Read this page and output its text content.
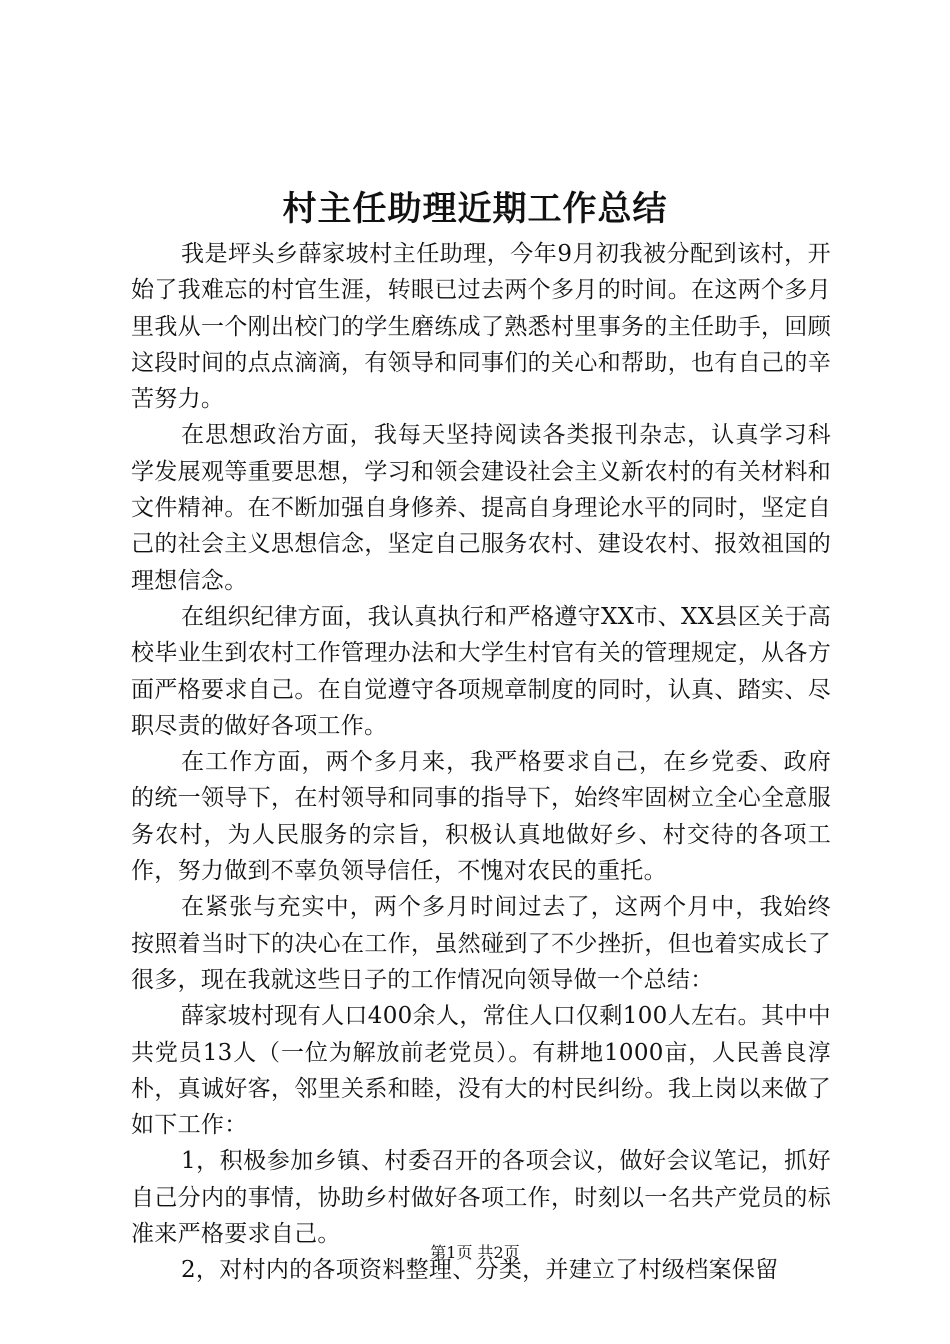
村主任助理近期工作总结

我是坪头乡薛家坡村主任助理，今年9月初我被分配到该村，开始了我难忘的村官生涯，转眼已过去两个多月的时间。在这两个多月里我从一个刚出校门的学生磨练成了熟悉村里事务的主任助手，回顾这段时间的点点滴滴，有领导和同事们的关心和帮助，也有自己的辛苦努力。

在思想政治方面，我每天坚持阅读各类报刊杂志，认真学习科学发展观等重要思想，学习和领会建设社会主义新农村的有关材料和文件精神。在不断加强自身修养、提高自身理论水平的同时，坚定自己的社会主义思想信念，坚定自己服务农村、建设农村、报效祖国的理想信念。

在组织纪律方面，我认真执行和严格遵守XX市、XX县区关于高校毕业生到农村工作管理办法和大学生村官有关的管理规定，从各方面严格要求自己。在自觉遵守各项规章制度的同时，认真、踏实、尽职尽责的做好各项工作。

在工作方面，两个多月来，我严格要求自己，在乡党委、政府的统一领导下，在村领导和同事的指导下，始终牢固树立全心全意服务农村，为人民服务的宗旨，积极认真地做好乡、村交待的各项工作，努力做到不辜负领导信任，不愧对农民的重托。

在紧张与充实中，两个多月时间过去了，这两个月中，我始终按照着当时下的决心在工作，虽然碰到了不少挫折，但也着实成长了很多，现在我就这些日子的工作情况向领导做一个总结：

薛家坡村现有人口400余人，常住人口仅剩100人左右。其中中共党员13人（一位为解放前老党员）。有耕地1000亩，人民善良淳朴，真诚好客，邻里关系和睦，没有大的村民纠纷。我上岗以来做了如下工作：

1，积极参加乡镇、村委召开的各项会议，做好会议笔记，抓好自己分内的事情，协助乡村做好各项工作，时刻以一名共产党员的标准来严格要求自己。

2，对村内的各项资料整理、分类，并建立了村级档案保留

第1页 共2页
